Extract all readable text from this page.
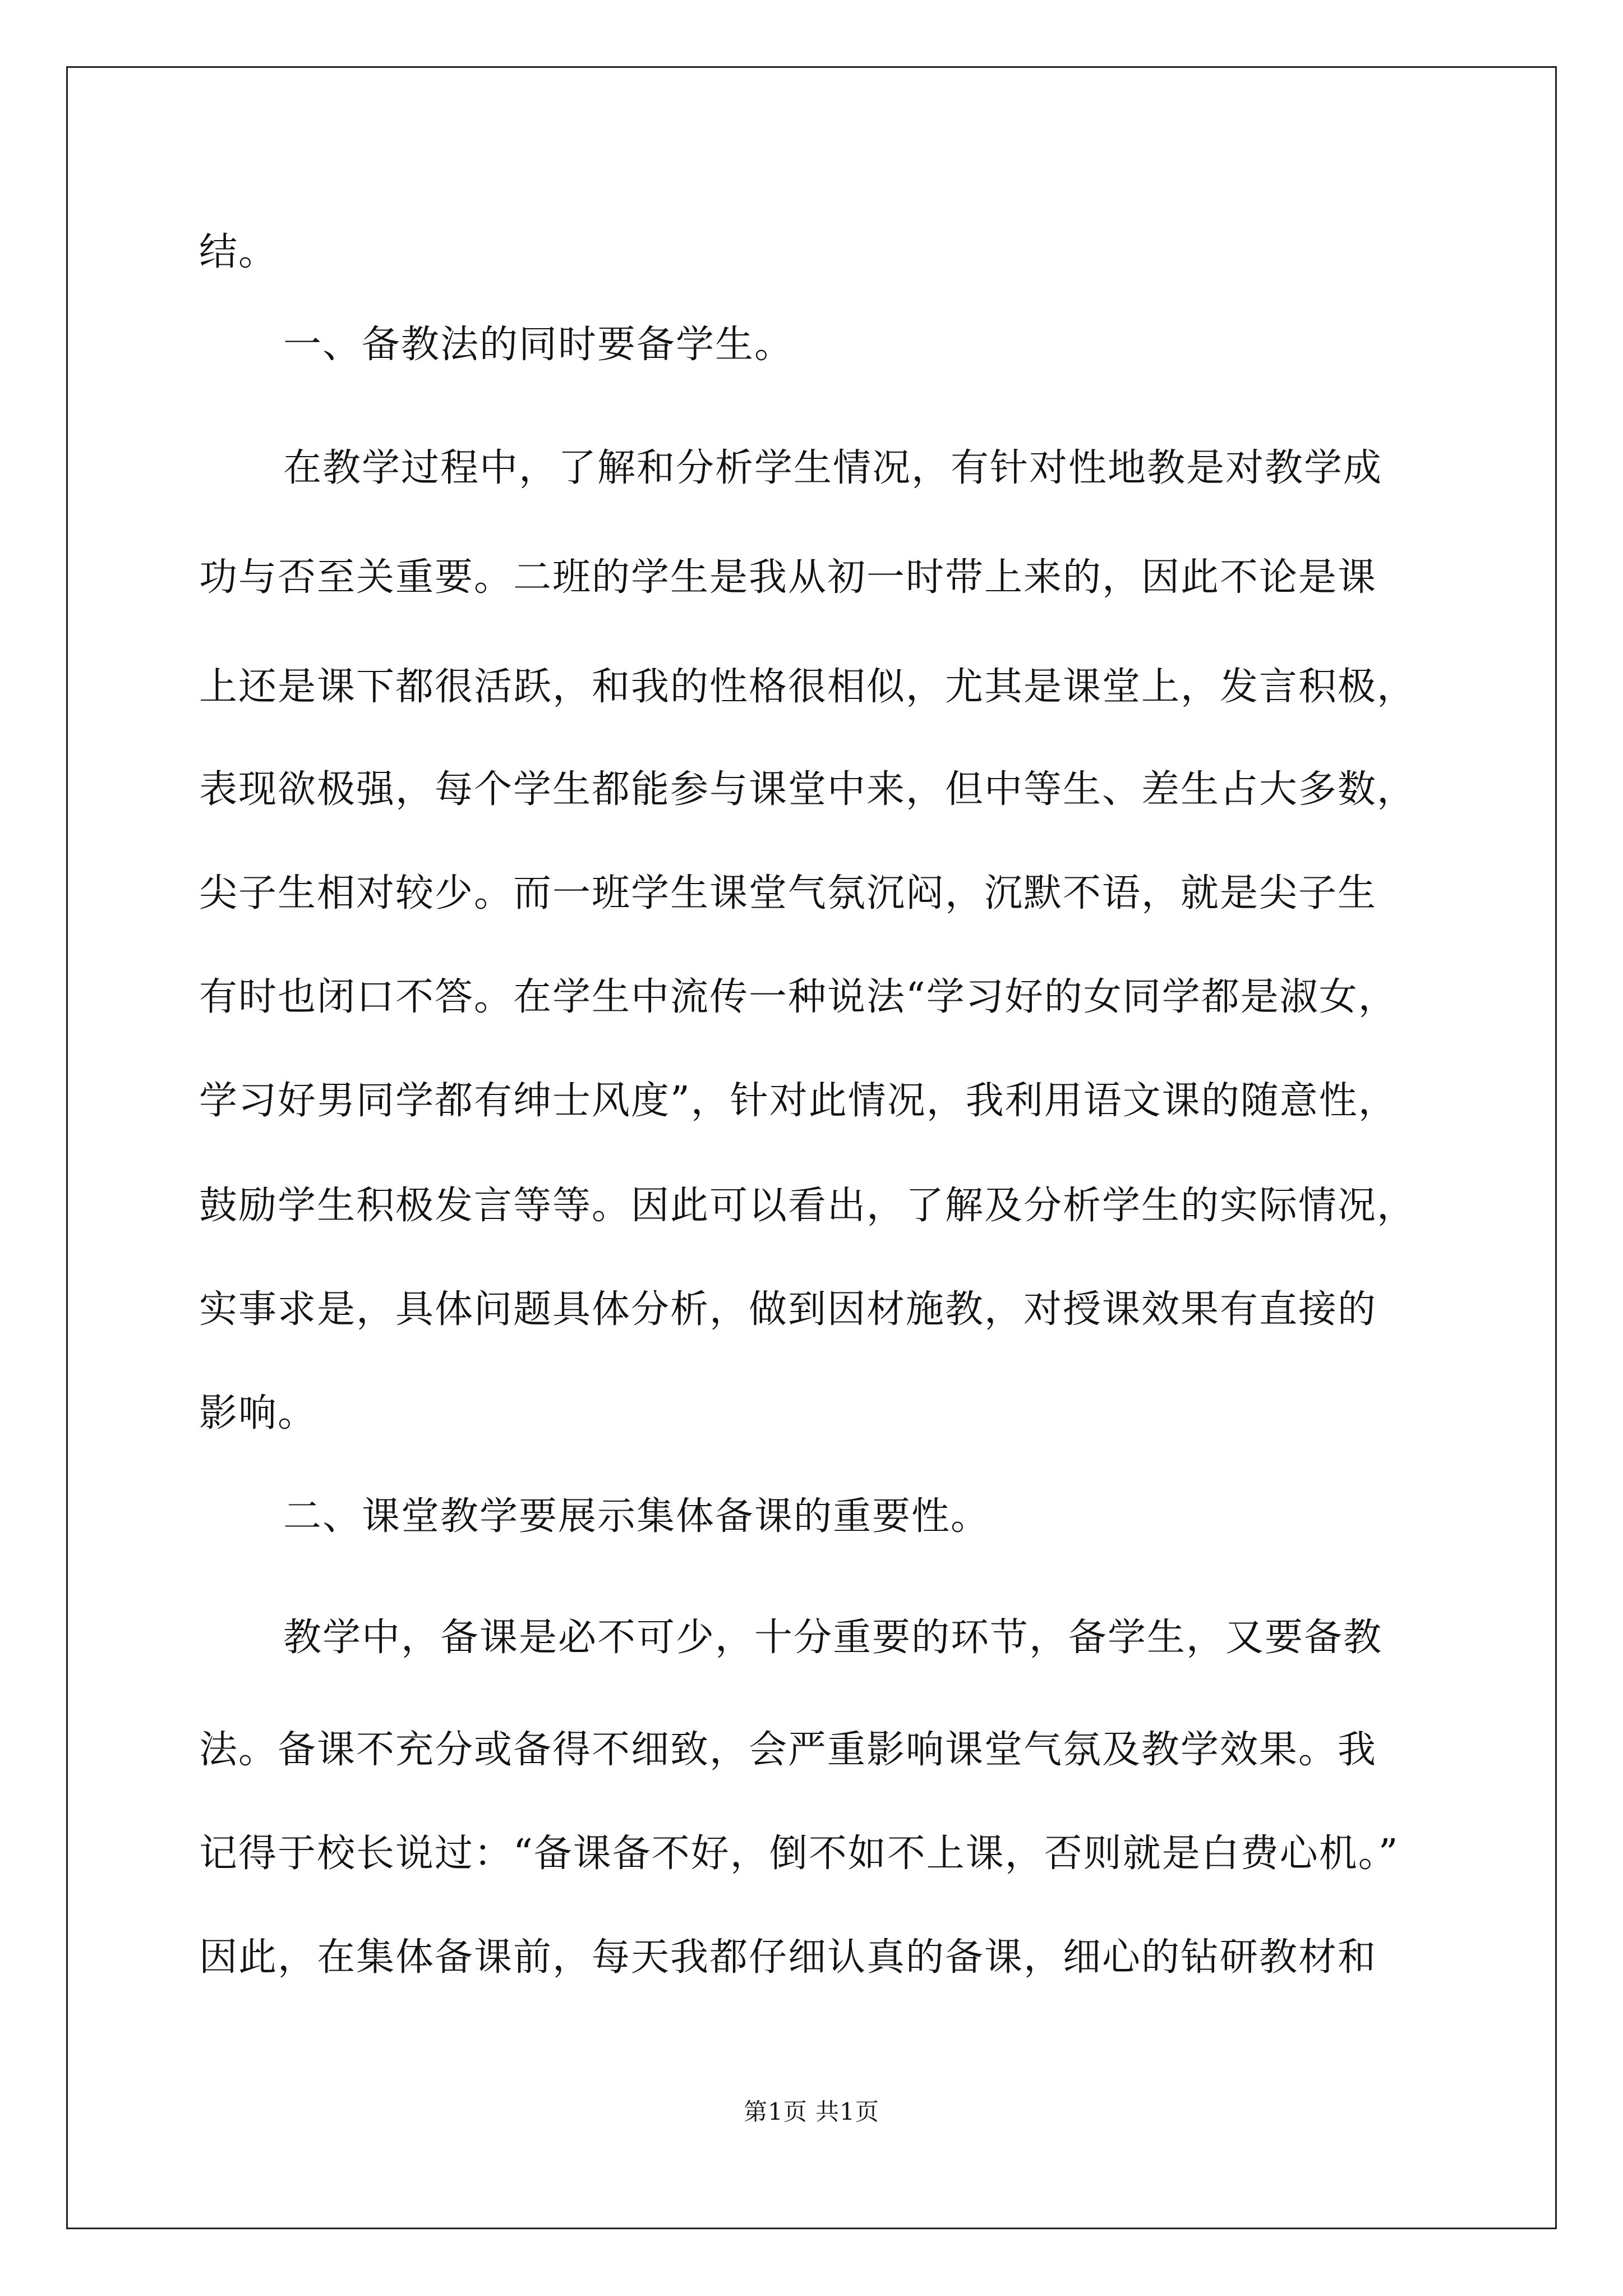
结。
一、备教法的同时要备学生。
在教学过程中，了解和分析学生情况，有针对性地教是对教学成
功与否至关重要。二班的学生是我从初一时带上来的，因此不论是课
上还是课下都很活跃，和我的性格很相似，尤其是课堂上，发言积极，
表现欲极强，每个学生都能参与课堂中来，但中等生、差生占大多数，
尖子生相对较少。而一班学生课堂气氛沉闷，沉默不语，就是尖子生
有时也闭口不答。在学生中流传一种说法“学习好的女同学都是淑女，
学习好男同学都有绅士风度”，针对此情况，我利用语文课的随意性，
鼓励学生积极发言等等。因此可以看出，了解及分析学生的实际情况，
实事求是，具体问题具体分析，做到因材施教，对授课效果有直接的
影响。
二、课堂教学要展示集体备课的重要性。
教学中，备课是必不可少，十分重要的环节，备学生，又要备教
法。备课不充分或备得不细致，会严重影响课堂气氛及教学效果。我
记得于校长说过：“备课备不好，倒不如不上课，否则就是白费心机。”
因此，在集体备课前，每天我都仔细认真的备课，细心的钻研教材和
第1页 共1页
